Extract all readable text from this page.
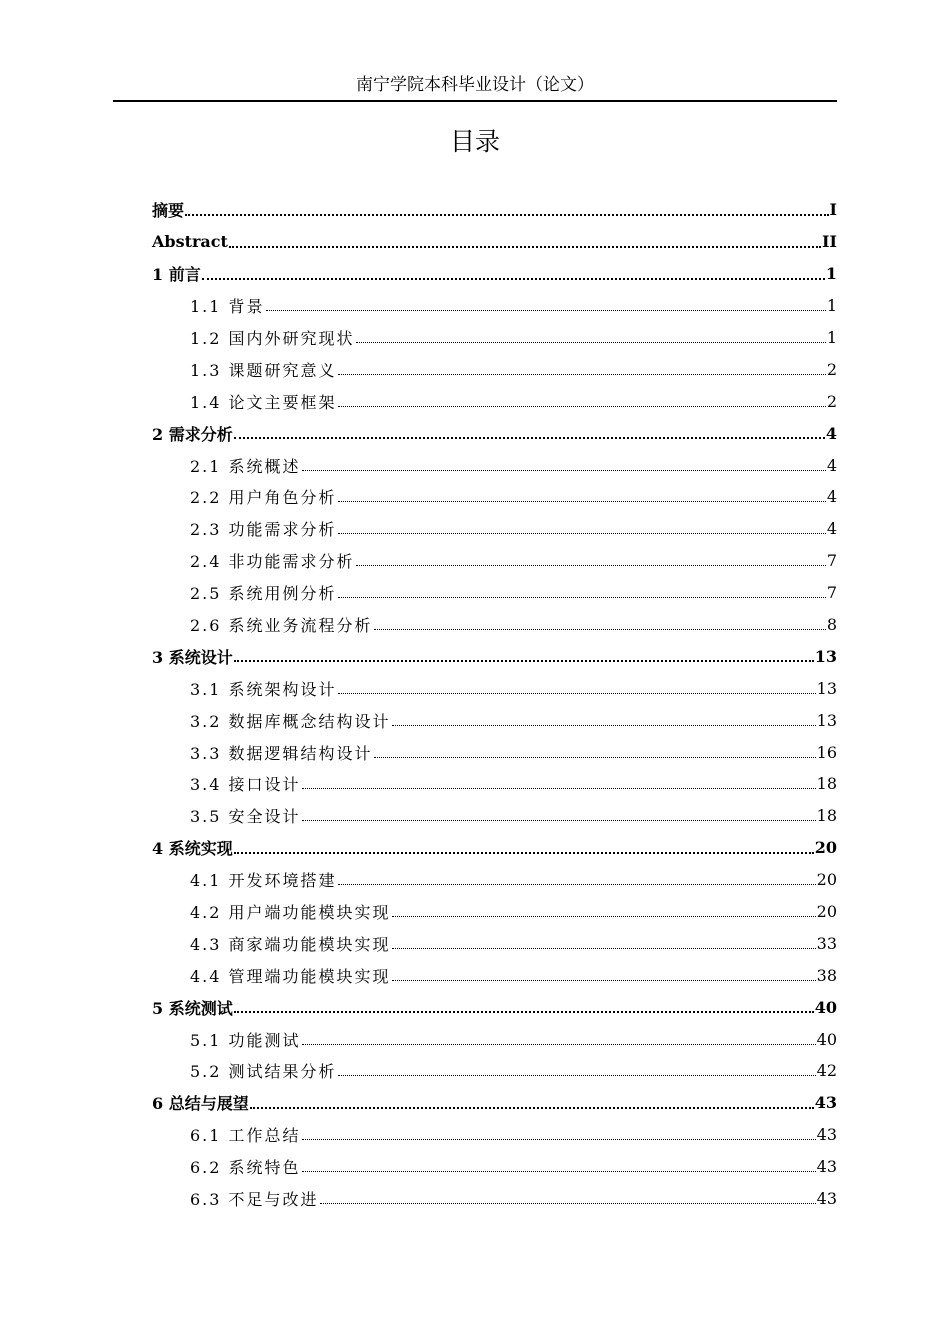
南宁学院本科毕业设计（论文）
目录
摘要	I
Abstract	II
1 前言	1
1.1 背景	1
1.2 国内外研究现状	1
1.3 课题研究意义	2
1.4 论文主要框架	2
2 需求分析	4
2.1 系统概述	4
2.2 用户角色分析	4
2.3 功能需求分析	4
2.4 非功能需求分析	7
2.5 系统用例分析	7
2.6 系统业务流程分析	8
3 系统设计	13
3.1 系统架构设计	13
3.2 数据库概念结构设计	13
3.3 数据逻辑结构设计	16
3.4 接口设计	18
3.5 安全设计	18
4 系统实现	20
4.1 开发环境搭建	20
4.2 用户端功能模块实现	20
4.3 商家端功能模块实现	33
4.4 管理端功能模块实现	38
5 系统测试	40
5.1 功能测试	40
5.2 测试结果分析	42
6 总结与展望	43
6.1 工作总结	43
6.2 系统特色	43
6.3 不足与改进	43
